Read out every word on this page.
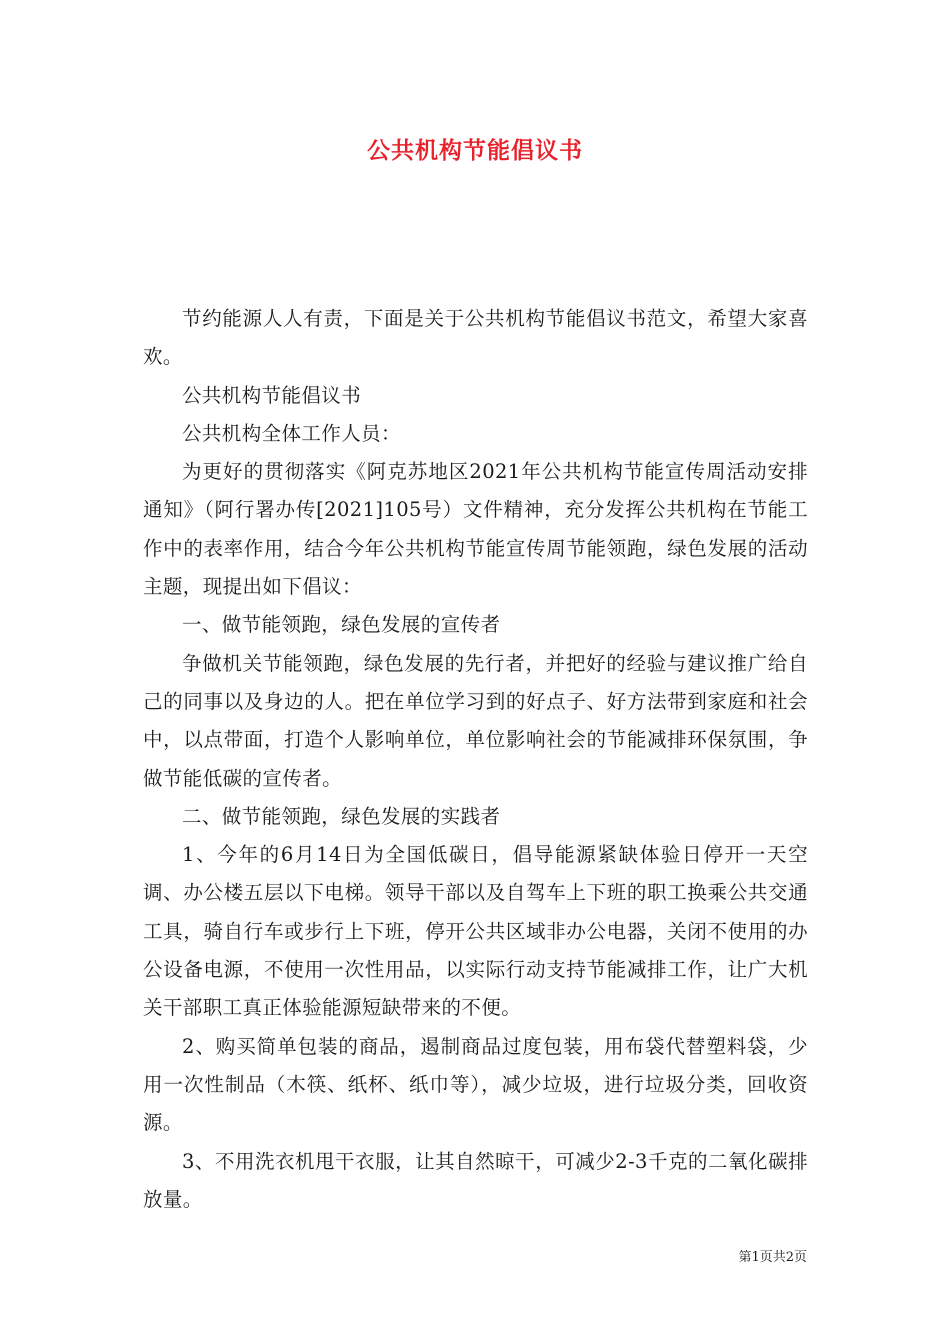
公共机构节能倡议书

节约能源人人有责，下面是关于公共机构节能倡议书范文，希望大家喜欢。

公共机构节能倡议书

公共机构全体工作人员：

为更好的贯彻落实《阿克苏地区2021年公共机构节能宣传周活动安排通知》（阿行署办传[2021]105号）文件精神，充分发挥公共机构在节能工作中的表率作用，结合今年公共机构节能宣传周节能领跑，绿色发展的活动主题，现提出如下倡议：

一、做节能领跑，绿色发展的宣传者

争做机关节能领跑，绿色发展的先行者，并把好的经验与建议推广给自己的同事以及身边的人。把在单位学习到的好点子、好方法带到家庭和社会中，以点带面，打造个人影响单位，单位影响社会的节能减排环保氛围，争做节能低碳的宣传者。

二、做节能领跑，绿色发展的实践者

1、今年的6月14日为全国低碳日，倡导能源紧缺体验日停开一天空调、办公楼五层以下电梯。领导干部以及自驾车上下班的职工换乘公共交通工具，骑自行车或步行上下班，停开公共区域非办公电器，关闭不使用的办公设备电源，不使用一次性用品，以实际行动支持节能减排工作，让广大机关干部职工真正体验能源短缺带来的不便。

2、购买简单包装的商品，遏制商品过度包装，用布袋代替塑料袋，少用一次性制品（木筷、纸杯、纸巾等），减少垃圾，进行垃圾分类，回收资源。

3、不用洗衣机甩干衣服，让其自然晾干，可减少2-3千克的二氧化碳排放量。

第1页共2页
